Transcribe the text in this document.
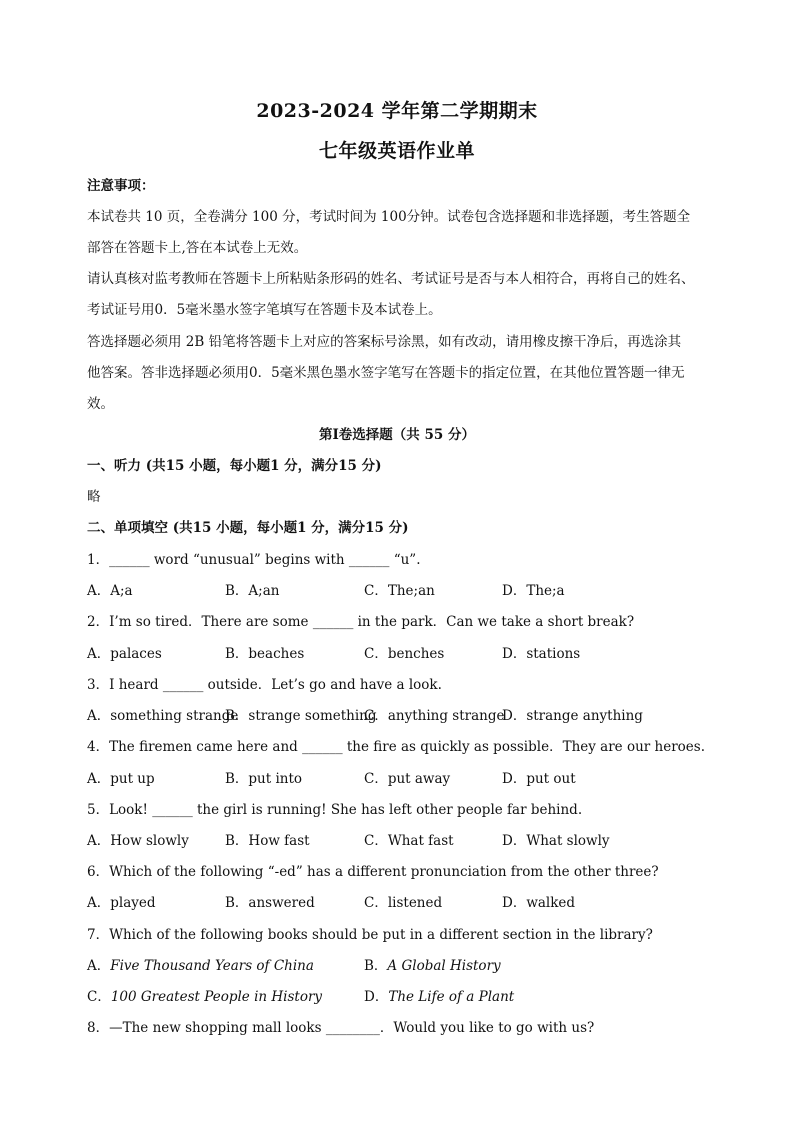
2023-2024 学年第二学期期末
七年级英语作业单
注意事项：
本试卷共 10 页，全卷满分 100 分，考试时间为 100分钟。试卷包含选择题和非选择题，考生答题全
部答在答题卡上,答在本试卷上无效。
请认真核对监考教师在答题卡上所粘贴条形码的姓名、考试证号是否与本人相符合，再将自己的姓名、
考试证号用0．5毫米墨水签字笔填写在答题卡及本试卷上。
答选择题必须用 2B 铅笔将答题卡上对应的答案标号涂黑，如有改动，请用橡皮擦干净后，再选涂其
他答案。答非选择题必须用0．5毫米黑色墨水签字笔写在答题卡的指定位置，在其他位置答题一律无
效。
第Ⅰ卷选择题（共 55 分）
一、听力 (共15 小题，每小题1 分，满分15 分)
略
二、单项填空 (共15 小题，每小题1 分，满分15 分)
1．______ word “unusual” begins with ______ “u”.
A．A;a	B．A;an	C．The;an	D．The;a
2．I’m so tired．There are some ______ in the park．Can we take a short break?
A．palaces	B．beaches	C．benches	D．stations
3．I heard ______ outside．Let’s go and have a look.
A．something strange
B．strange something
C．anything strange
D．strange anything
4．The firemen came here and ______ the fire as quickly as possible．They are our heroes.
A．put up	B．put into	C．put away	D．put out
5．Look! ______ the girl is running! She has left other people far behind.
A．How slowly	B．How fast	C．What fast	D．What slowly
6．Which of the following “-ed” has a different pronunciation from the other three?
A．played	B．answered	C．listened	D．walked
7．Which of the following books should be put in a different section in the library?
A．Five Thousand Years of China	B．A Global History
C．100 Greatest People in History	D．The Life of a Plant
8．—The new shopping mall looks ________．Would you like to go with us?
